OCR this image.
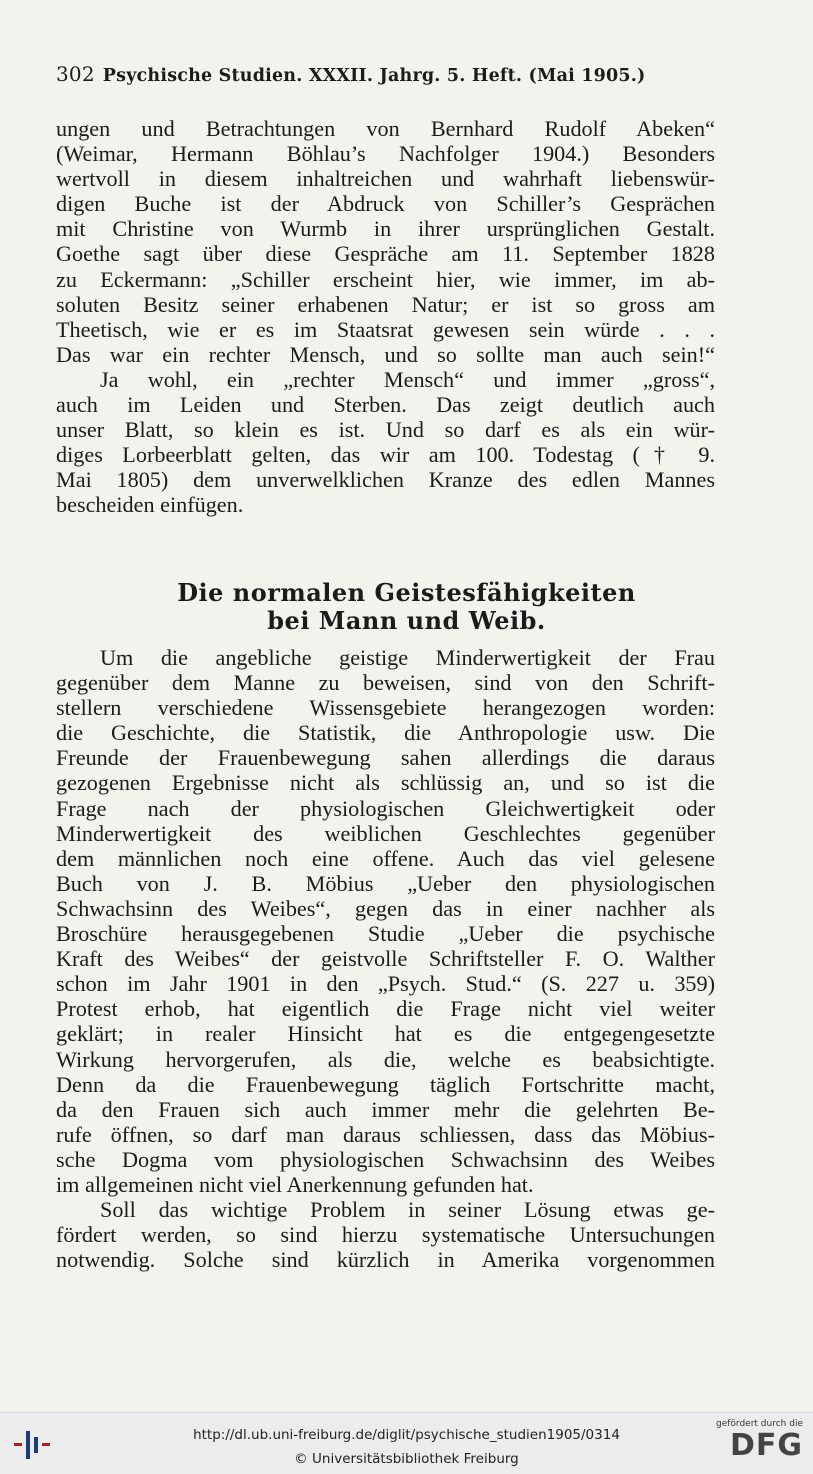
302 Psychische Studien. XXXII. Jahrg. 5. Heft. (Mai 1905.)
ungen und Betrachtungen von Bernhard Rudolf Abeken“
(Weimar, Hermann Böhlau’s Nachfolger 1904.) Besonders
wertvoll in diesem inhaltreichen und wahrhaft liebenswür-
digen Buche ist der Abdruck von Schiller’s Gesprächen
mit Christine von Wurmb in ihrer ursprünglichen Gestalt.
Goethe sagt über diese Gespräche am 11. September 1828
zu Eckermann: „Schiller erscheint hier, wie immer, im ab-
soluten Besitz seiner erhabenen Natur; er ist so gross am
Theetisch, wie er es im Staatsrat gewesen sein würde . . .
Das war ein rechter Mensch, und so sollte man auch sein!“
Ja wohl, ein „rechter Mensch“ und immer „gross“,
auch im Leiden und Sterben. Das zeigt deutlich auch
unser Blatt, so klein es ist. Und so darf es als ein wür-
diges Lorbeerblatt gelten, das wir am 100. Todestag († 9.
Mai 1805) dem unverwelklichen Kranze des edlen Mannes
bescheiden einfügen.
Die normalen Geistesfähigkeiten
bei Mann und Weib.
Um die angebliche geistige Minderwertigkeit der Frau
gegenüber dem Manne zu beweisen, sind von den Schrift-
stellern verschiedene Wissensgebiete herangezogen worden:
die Geschichte, die Statistik, die Anthropologie usw. Die
Freunde der Frauenbewegung sahen allerdings die daraus
gezogenen Ergebnisse nicht als schlüssig an, und so ist die
Frage nach der physiologischen Gleichwertigkeit oder
Minderwertigkeit des weiblichen Geschlechtes gegenüber
dem männlichen noch eine offene. Auch das viel gelesene
Buch von J. B. Möbius „Ueber den physiologischen
Schwachsinn des Weibes“, gegen das in einer nachher als
Broschüre herausgegebenen Studie „Ueber die psychische
Kraft des Weibes“ der geistvolle Schriftsteller F. O. Walther
schon im Jahr 1901 in den „Psych. Stud.“ (S. 227 u. 359)
Protest erhob, hat eigentlich die Frage nicht viel weiter
geklärt; in realer Hinsicht hat es die entgegengesetzte
Wirkung hervorgerufen, als die, welche es beabsichtigte.
Denn da die Frauenbewegung täglich Fortschritte macht,
da den Frauen sich auch immer mehr die gelehrten Be-
rufe öffnen, so darf man daraus schliessen, dass das Möbius-
sche Dogma vom physiologischen Schwachsinn des Weibes
im allgemeinen nicht viel Anerkennung gefunden hat.
Soll das wichtige Problem in seiner Lösung etwas ge-
fördert werden, so sind hierzu systematische Untersuchungen
notwendig. Solche sind kürzlich in Amerika vorgenommen
http://dl.ub.uni-freiburg.de/diglit/psychische_studien1905/0314
© Universitätsbibliothek Freiburg
gefördert durch die
DFG
